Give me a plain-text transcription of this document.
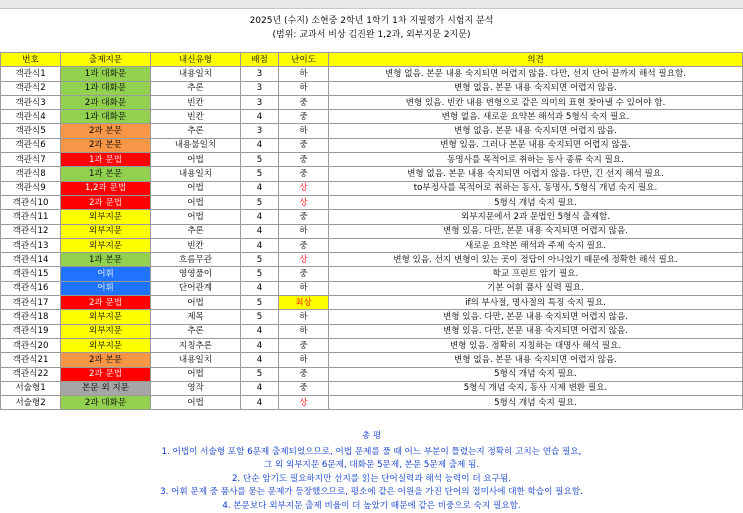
2025년 (수지) 소현중 2학년 1학기 1차 지필평가 시험지 분석
(범위: 교과서 비상 김진완 1,2과, 외부지문 2지문)
번호	출제지문	내신유형	배점	난이도	의견
객관식1	1과 대화문	내용일치	3	하	변형 없음. 본문 내용 숙지되면 어렵지 않음. 다만, 선지 단어 끝까지 해석 필요함.
객관식2	1과 대화문	추론	3	하	변형 없음. 본문 내용 숙지되면 어렵지 않음.
객관식3	2과 대화문	빈칸	3	중	변형 있음. 빈칸 내용 변형으로 같은 의미의 표현 찾아낼 수 있어야 함.
객관식4	1과 대화문	빈칸	4	중	변형 없음. 새로운 요약본 해석과 5형식 숙지 필요.
객관식5	2과 본문	추론	3	하	변형 없음. 본문 내용 숙지되면 어렵지 않음.
객관식6	2과 본문	내용불일치	4	중	변형 있음. 그러나 본문 내용 숙지되면 어렵지 않음.
객관식7	1과 문법	어법	5	중	동명사를 목적어로 취하는 동사 종류 숙지 필요.
객관식8	1과 본문	내용일치	5	중	변형 없음. 본문 내용 숙지되면 어렵지 않음. 다만, 긴 선지 해석 필요.
객관식9	1,2과 문법	어법	4	상	to부정사를 목적어로 취하는 동사, 동명사, 5형식 개념 숙지 필요.
객관식10	2과 문법	어법	5	상	5형식 개념 숙지 필요.
객관식11	외부지문	어법	4	중	외부지문에서 2과 문법인 5형식 출제함.
객관식12	외부지문	추론	4	하	변형 있음. 다만, 본문 내용 숙지되면 어렵지 않음.
객관식13	외부지문	빈칸	4	중	새로운 요약본 해석과 주제 숙지 필요.
객관식14	1과 본문	흐름무관	5	상	변형 있음. 선지 변형이 있는 곳이 정답이 아니었기 때문에 정확한 해석 필요.
객관식15	어휘	영영풀이	5	중	학교 프린트 암기 필요.
객관식16	어휘	단어관계	4	하	기본 어휘 품사 실력 필요.
객관식17	2과 문법	어법	5	최상	if의 부사절, 명사절의 특징 숙지 필요.
객관식18	외부지문	제목	5	하	변형 있음. 다만, 본문 내용 숙지되면 어렵지 않음.
객관식19	외부지문	추론	4	하	변형 있음. 다만, 본문 내용 숙지되면 어렵지 않음.
객관식20	외부지문	지칭추론	4	중	변형 있음. 정확히 지칭하는 대명사 해석 필요.
객관식21	2과 본문	내용일치	4	하	변형 없음. 본문 내용 숙지되면 어렵지 않음.
객관식22	2과 문법	어법	5	중	5형식 개념 숙지 필요.
서술형1	본문 외 지문	영작	4	중	5형식 개념 숙지, 동사 시제 변환 필요.
서술형2	2과 대화문	어법	4	상	5형식 개념 숙지 필요.
총 평
1. 어법이 서술형 포함 6문제 출제되었으므로, 어법 문제를 풀 때 어느 부분이 틀렸는지 정확히 고치는 연습 필요,
그 외 외부지문 6문제, 대화문 5문제, 본문 5문제 출제 됨.
2. 단순 암기도 필요하지만 선지를 읽는 단어실력과 해석 능력이 더 요구됨.
3. 어휘 문제 중 품사를 묻는 문제가 등장했으므로, 평소에 같은 어원을 가진 단어의 접미사에 대한 학습이 필요함.
4. 본문보다 외부지문 출제 비율이 더 높았기 때문에 같은 비중으로 숙지 필요함.
